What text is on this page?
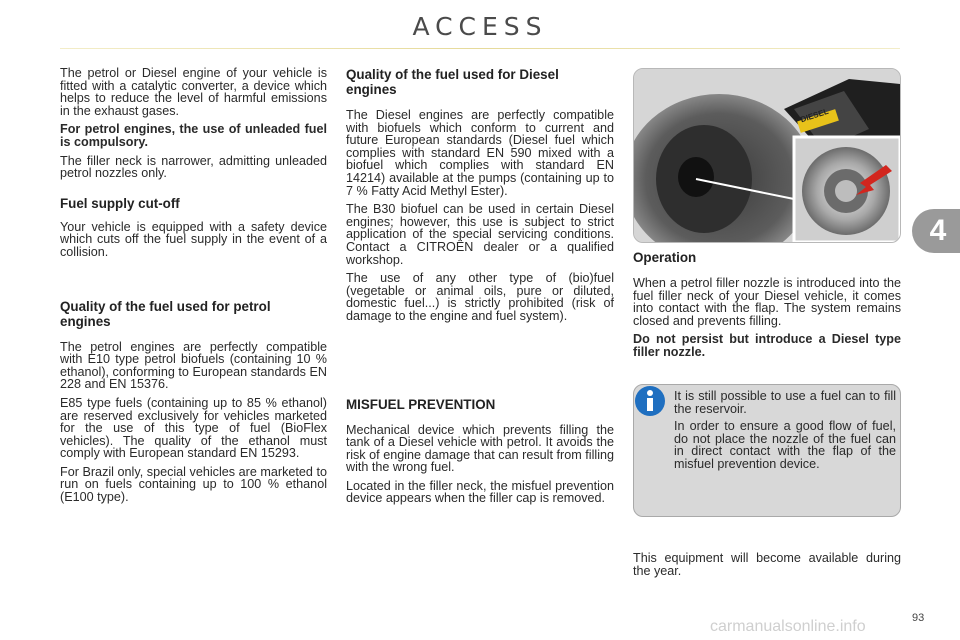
ACCESS

The petrol or Diesel engine of your vehicle is fitted with a catalytic converter, a device which helps to reduce the level of harmful emissions in the exhaust gases.

For petrol engines, the use of unleaded fuel is compulsory.

The filler neck is narrower, admitting unleaded petrol nozzles only.

Fuel supply cut-off

Your vehicle is equipped with a safety device which cuts off the fuel supply in the event of a collision.

Quality of the fuel used for petrol engines

The petrol engines are perfectly compatible with E10 type petrol biofuels (containing 10 % ethanol), conforming to European standards EN 228 and EN 15376.

E85 type fuels (containing up to 85 % ethanol) are reserved exclusively for vehicles marketed for the use of this type of fuel (BioFlex vehicles). The quality of the ethanol must comply with European standard EN 15293.

For Brazil only, special vehicles are marketed to run on fuels containing up to 100 % ethanol (E100 type).

Quality of the fuel used for Diesel engines

The Diesel engines are perfectly compatible with biofuels which conform to current and future European standards (Diesel fuel which complies with standard EN 590 mixed with a biofuel which complies with standard EN 14214) available at the pumps (containing up to 7 % Fatty Acid Methyl Ester).

The B30 biofuel can be used in certain Diesel engines; however, this use is subject to strict application of the special servicing conditions. Contact a CITROËN dealer or a qualified workshop.

The use of any other type of (bio)fuel (vegetable or animal oils, pure or diluted, domestic fuel...) is strictly prohibited (risk of damage to the engine and fuel system).

MISFUEL PREVENTION

Mechanical device which prevents filling the tank of a Diesel vehicle with petrol. It avoids the risk of engine damage that can result from filling with the wrong fuel.

Located in the filler neck, the misfuel prevention device appears when the filler cap is removed.

DIESEL
Operation

When a petrol filler nozzle is introduced into the fuel filler neck of your Diesel vehicle, it comes into contact with the flap. The system remains closed and prevents filling.

Do not persist but introduce a Diesel type filler nozzle.

It is still possible to use a fuel can to fill the reservoir.

In order to ensure a good flow of fuel, do not place the nozzle of the fuel can in direct contact with the flap of the misfuel prevention device.

This equipment will become available during the year.

4
93
carmanualsonline.info
